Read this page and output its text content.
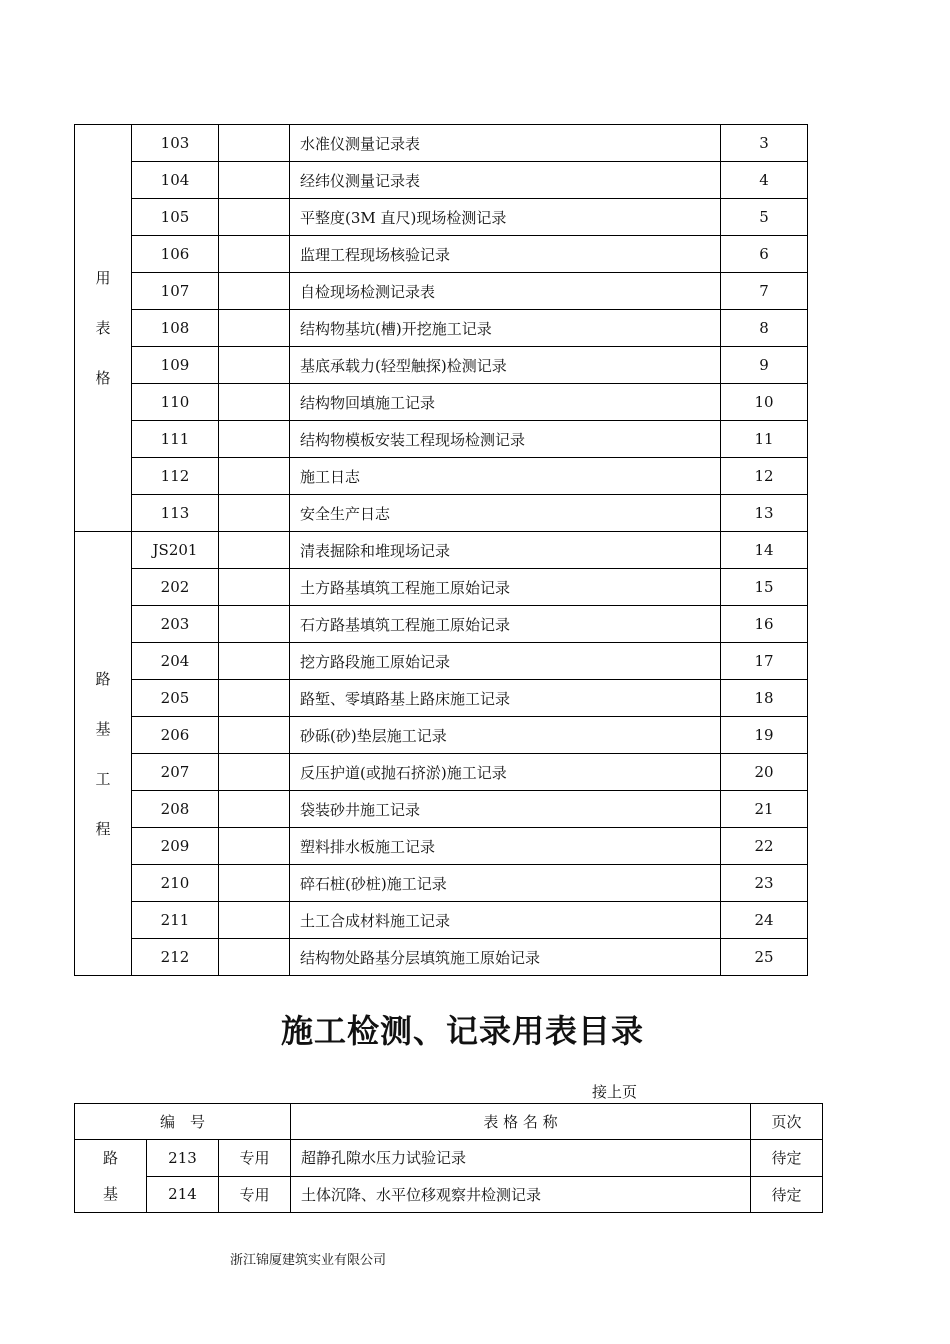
用
表
格	103		水准仪测量记录表	3
	104		经纬仪测量记录表	4
	105		平整度(3M 直尺)现场检测记录	5
	106		监理工程现场核验记录	6
	107		自检现场检测记录表	7
	108		结构物基坑(槽)开挖施工记录	8
	109		基底承载力(轻型触探)检测记录	9
	110		结构物回填施工记录	10
	111		结构物模板安装工程现场检测记录	11
	112		施工日志	12
	113		安全生产日志	13

路
基
工
程	JS201		清表掘除和堆现场记录	14
	202		土方路基填筑工程施工原始记录	15
	203		石方路基填筑工程施工原始记录	16
	204		挖方路段施工原始记录	17
	205		路堑、零填路基上路床施工记录	18
	206		砂砾(砂)垫层施工记录	19
	207		反压护道(或抛石挤淤)施工记录	20
	208		袋装砂井施工记录	21
	209		塑料排水板施工记录	22
	210		碎石桩(砂桩)施工记录	23
	211		土工合成材料施工记录	24
	212		结构物处路基分层填筑施工原始记录	25
施工检测、记录用表目录
接上页
编　号			表 格 名 称	页次

路
基	213	专用	超静孔隙水压力试验记录	待定
	214	专用	土体沉降、水平位移观察井检测记录	待定
浙江锦厦建筑实业有限公司
